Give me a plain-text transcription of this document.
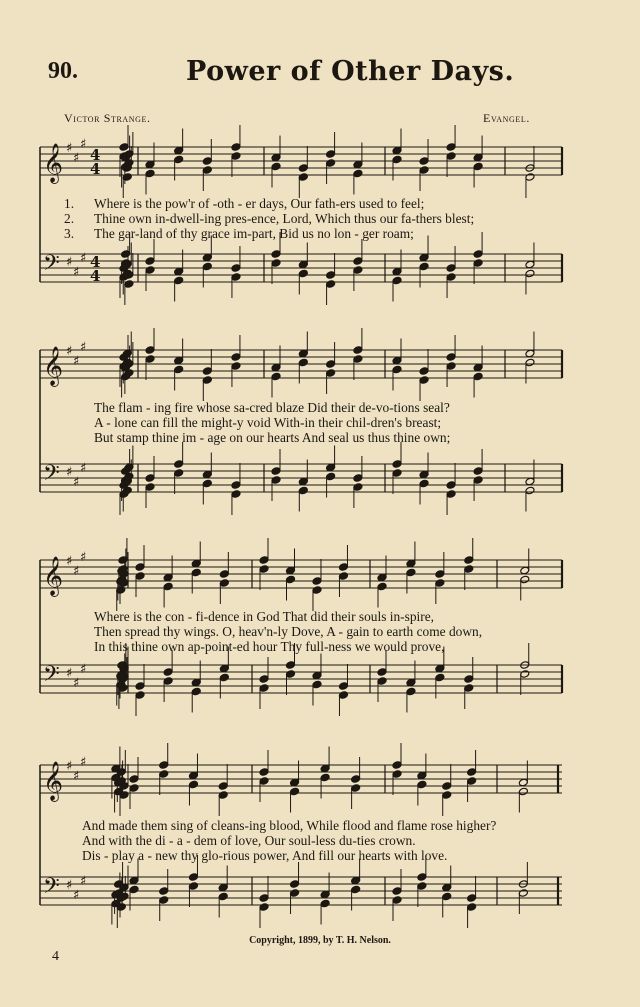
90.	Power of Other Days.
Victor Strange.	Evangel.
𝄞 ♯
♯
♯
4
4
𝄢 ♯
♯
♯ 4
4
𝄞 ♯
♯
♯
𝄢 ♯
♯
♯
𝄞 ♯
♯
♯
𝄢 ♯
♯
♯
𝄞 ♯
♯
♯
𝄢 ♯
♯
♯
1. Where is the pow'r of -oth - er days, Our fath-ers used to feel;
2. Thine own in-dwell-ing pres-ence, Lord, Which thus our fa-thers blest;
3. The gar-land of thy grace im-part, Bid us no lon - ger roam;
The flam - ing fire whose sa-cred blaze Did their de-vo-tions seal?
A - lone can fill the might-y void With-in their chil-dren's breast;
But stamp thine im - age on our hearts And seal us thus thine own;
Where is the con - fi-dence in God That did their souls in-spire,
Then spread thy wings. O, heav'n-ly Dove, A - gain to earth come down,
In this thine own ap-point-ed hour Thy full-ness we would prove,
And made them sing of cleans-ing blood, While flood and flame rose higher?
And with the di - a - dem of love, Our soul-less du-ties crown.
Dis - play a - new thy glo-rious power, And fill our hearts with love.
Copyright, 1899, by T. H. Nelson.
4
